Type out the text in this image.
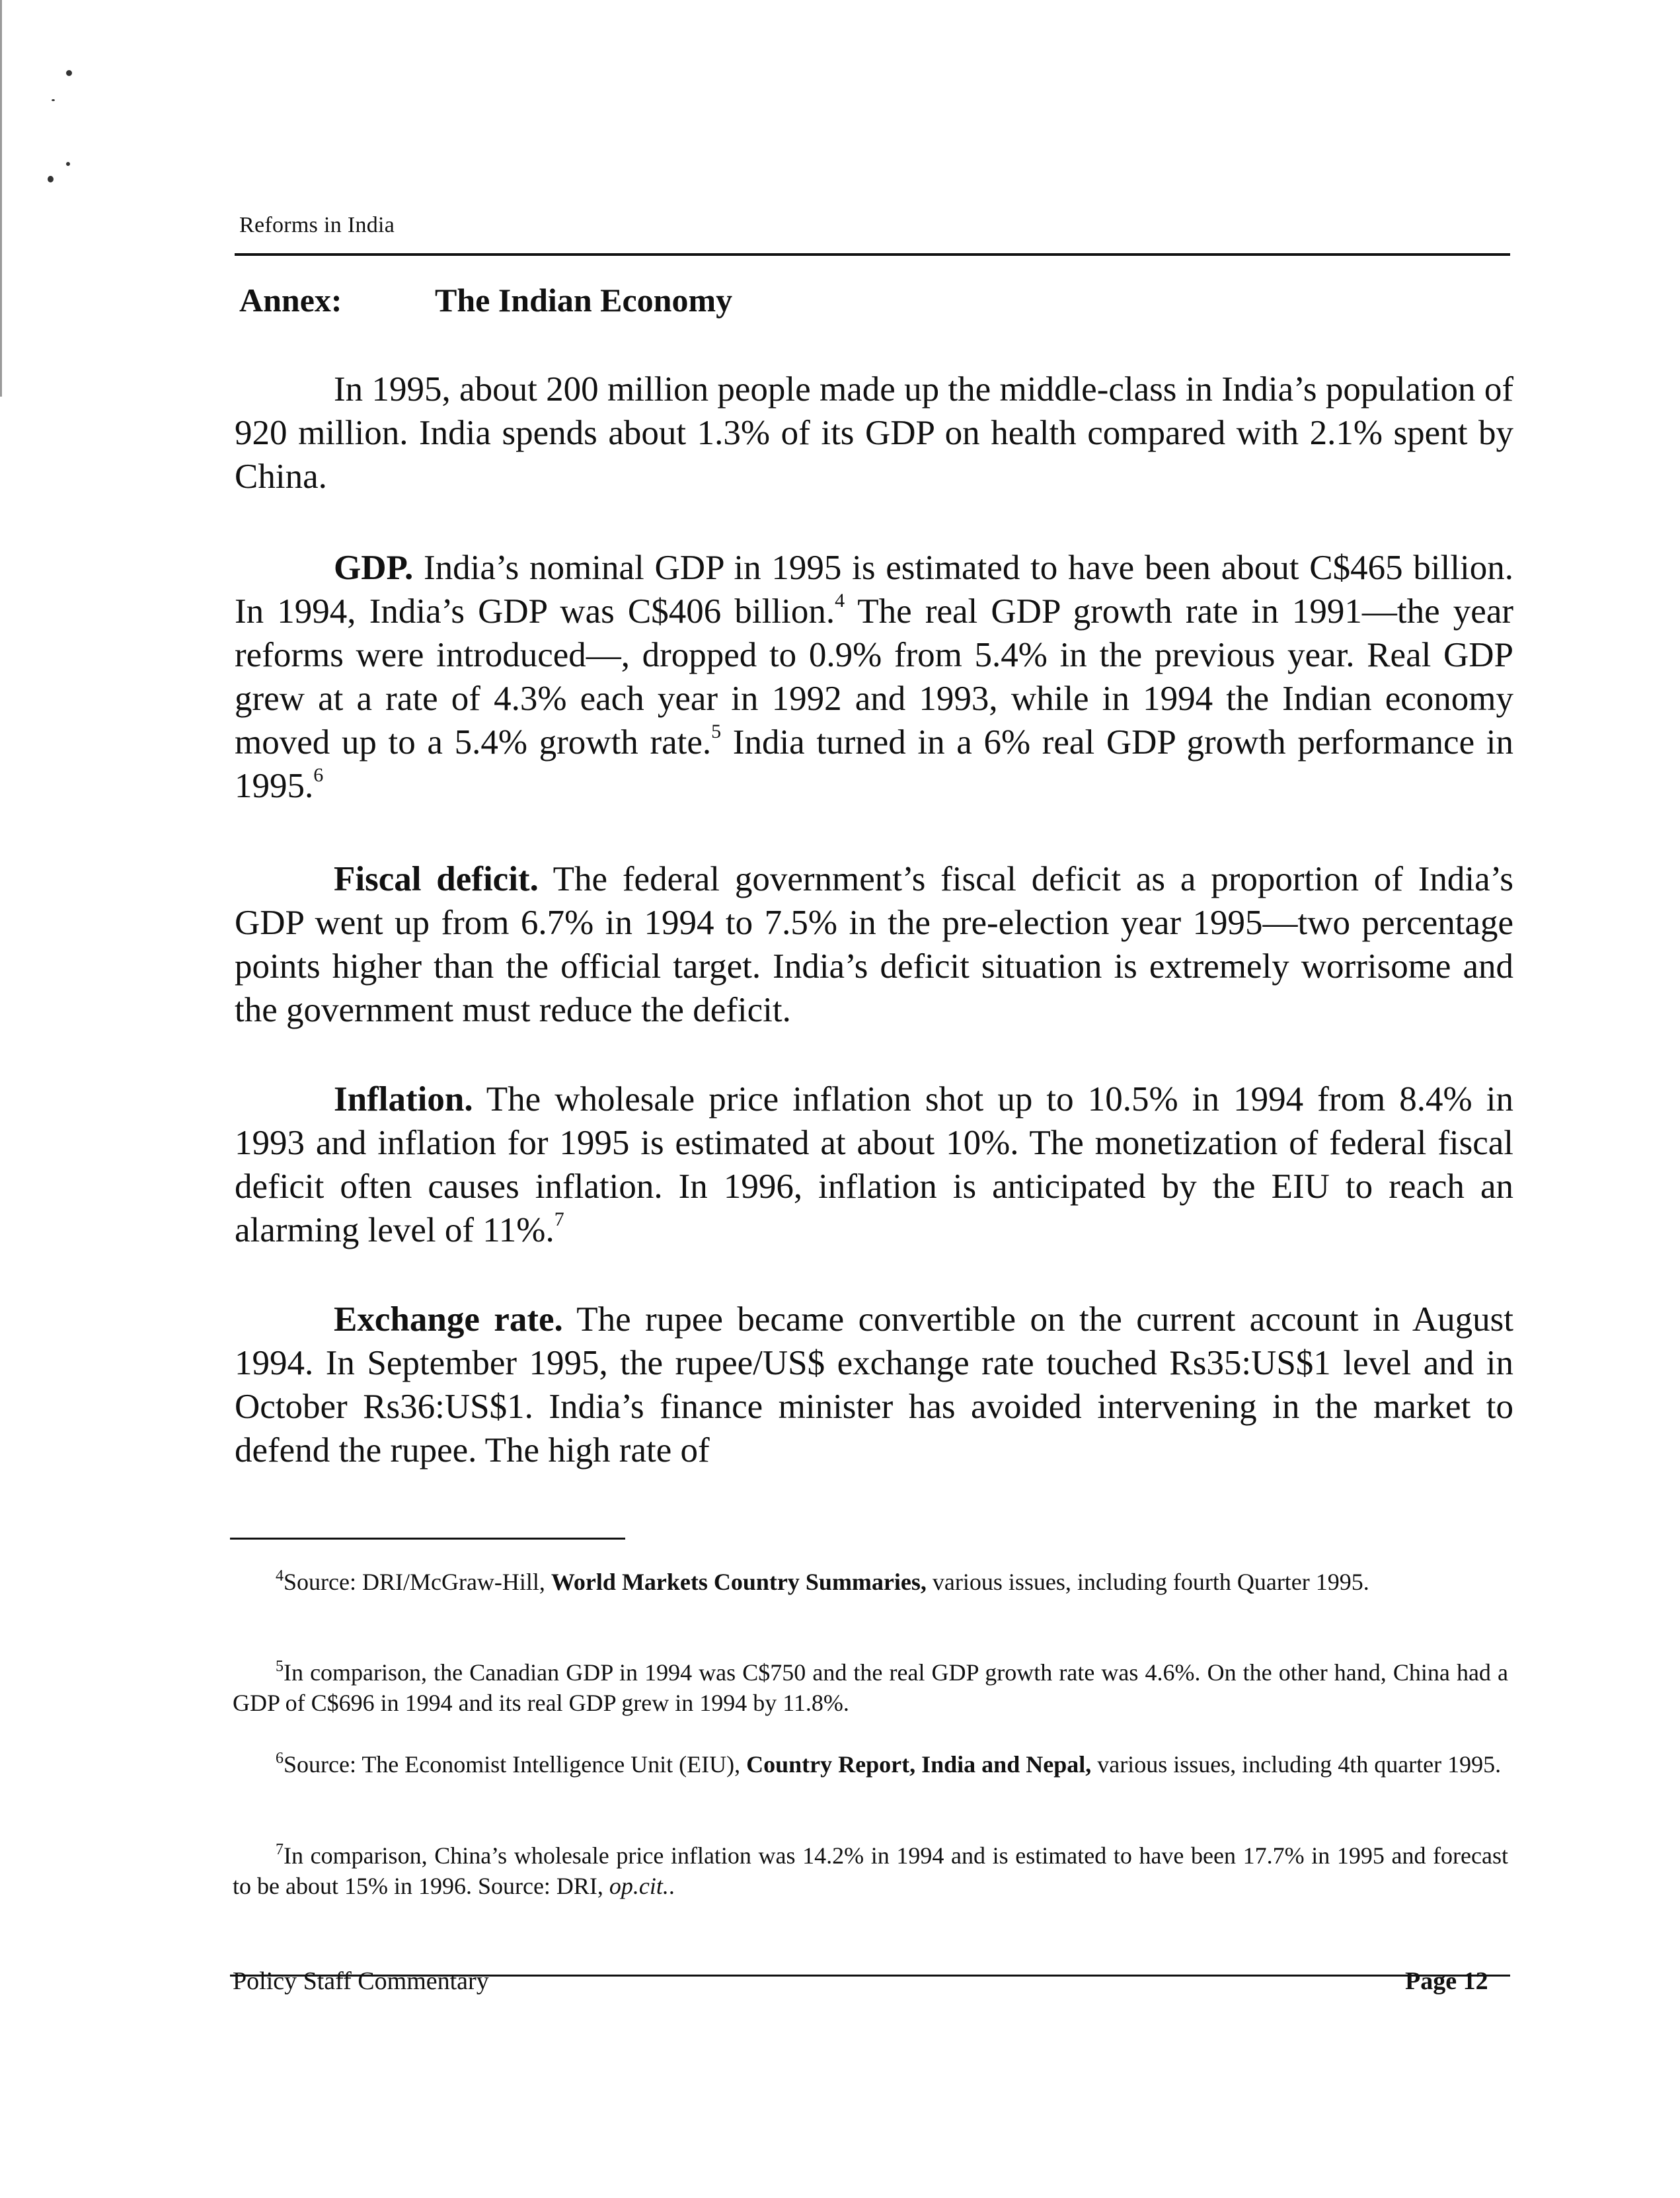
Reforms in India
Annex:	The Indian Economy

In 1995, about 200 million people made up the middle-class in India’s population of 920 million. India spends about 1.3% of its GDP on health compared with 2.1% spent by China.

GDP. India’s nominal GDP in 1995 is estimated to have been about C$465 billion. In 1994, India’s GDP was C$406 billion.$^4$ The real GDP growth rate in 1991—the year reforms were introduced—, dropped to 0.9% from 5.4% in the previous year. Real GDP grew at a rate of 4.3% each year in 1992 and 1993, while in 1994 the Indian economy moved up to a 5.4% growth rate.$^5$ India turned in a 6% real GDP growth performance in 1995.$^6$

Fiscal deficit. The federal government’s fiscal deficit as a proportion of India’s GDP went up from 6.7% in 1994 to 7.5% in the pre-election year 1995—two percentage points higher than the official target. India’s deficit situation is extremely worrisome and the government must reduce the deficit.

Inflation. The wholesale price inflation shot up to 10.5% in 1994 from 8.4% in 1993 and inflation for 1995 is estimated at about 10%. The monetization of federal fiscal deficit often causes inflation. In 1996, inflation is anticipated by the EIU to reach an alarming level of 11%.$^7$

Exchange rate. The rupee became convertible on the current account in August 1994. In September 1995, the rupee/US$ exchange rate touched Rs35:US$1 level and in October Rs36:US$1. India’s finance minister has avoided intervening in the market to defend the rupee. The high rate of

$^4$Source: DRI/McGraw-Hill, World Markets Country Summaries, various issues, including fourth Quarter 1995.

$^5$In comparison, the Canadian GDP in 1994 was C$750 and the real GDP growth rate was 4.6%. On the other hand, China had a GDP of C$696 in 1994 and its real GDP grew in 1994 by 11.8%.

$^6$Source: The Economist Intelligence Unit (EIU), Country Report, India and Nepal, various issues, including 4th quarter 1995.

$^7$In comparison, China’s wholesale price inflation was 14.2% in 1994 and is estimated to have been 17.7% in 1995 and forecast to be about 15% in 1996. Source: DRI, op.cit..

Policy Staff Commentary	Page 12
